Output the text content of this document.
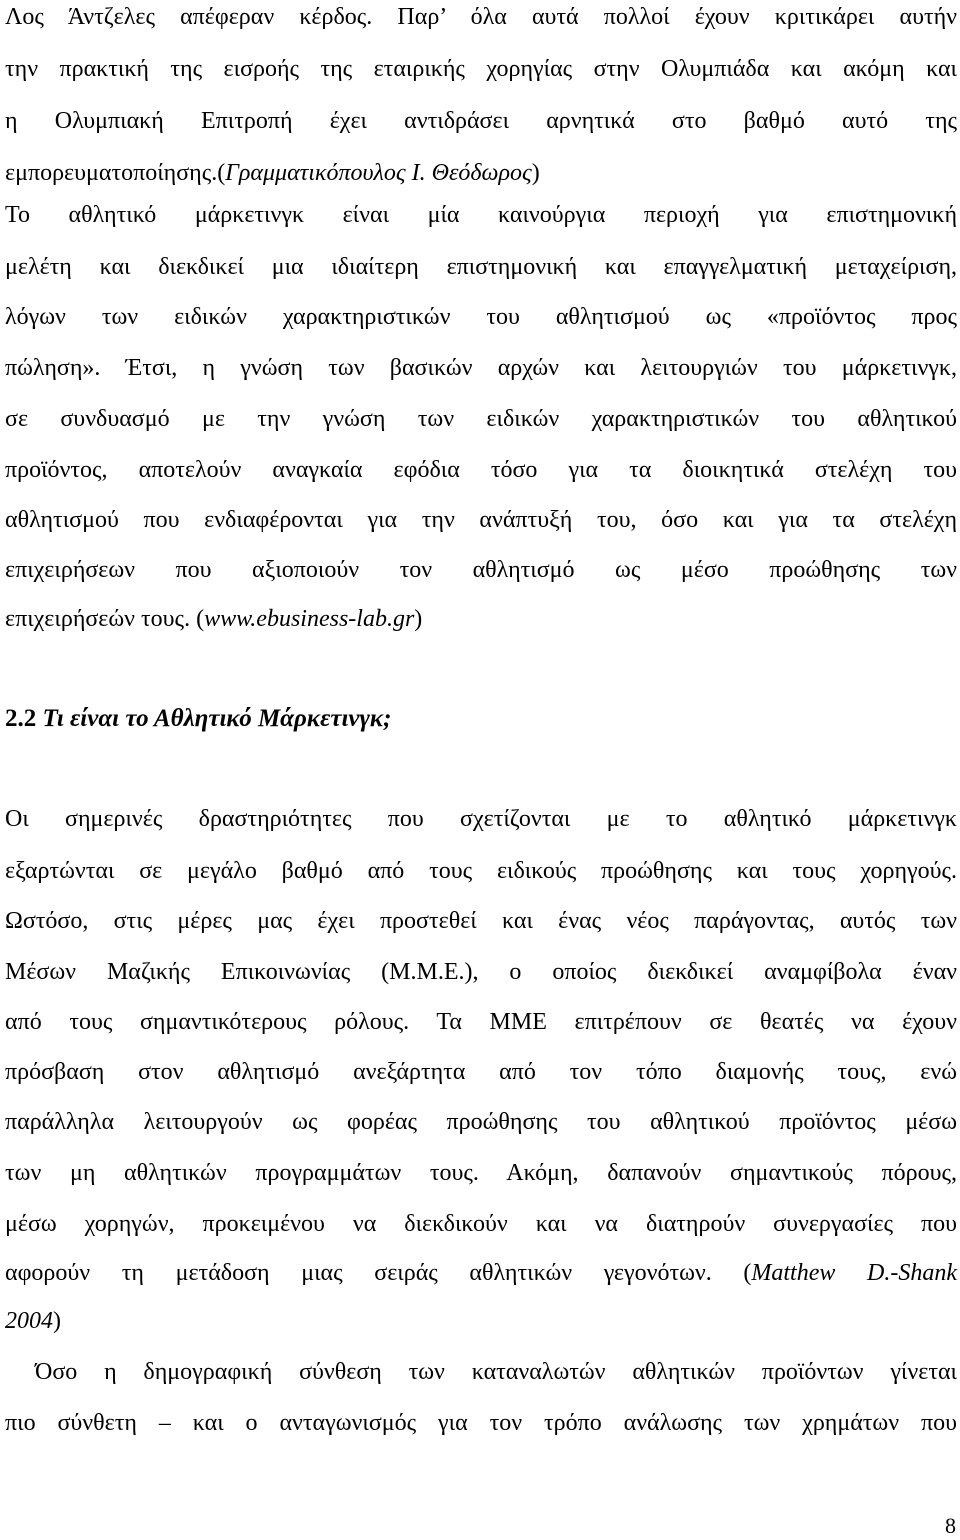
Λος Άντζελες απέφεραν κέρδος. Παρ’ όλα αυτά πολλοί έχουν κριτικάρει αυτήν
την πρακτική της εισροής της εταιρικής χορηγίας στην Ολυμπιάδα και ακόμη και
η Ολυμπιακή Επιτροπή έχει αντιδράσει αρνητικά στο βαθμό αυτό της
εμπορευματοποίησης.(Γραμματικόπουλος Ι. Θεόδωρος)
Το αθλητικό μάρκετινγκ είναι μία καινούργια περιοχή για επιστημονική
μελέτη και διεκδικεί μια ιδιαίτερη επιστημονική και επαγγελματική μεταχείριση,
λόγων των ειδικών χαρακτηριστικών του αθλητισμού ως «προϊόντος προς
πώληση». Έτσι, η γνώση των βασικών αρχών και λειτουργιών του μάρκετινγκ,
σε συνδυασμό με την γνώση των ειδικών χαρακτηριστικών του αθλητικού
προϊόντος, αποτελούν αναγκαία εφόδια τόσο για τα διοικητικά στελέχη του
αθλητισμού που ενδιαφέρονται για την ανάπτυξή του, όσο και για τα στελέχη
επιχειρήσεων που αξιοποιούν τον αθλητισμό ως μέσο προώθησης των
επιχειρήσεών τους. (www.ebusiness-lab.gr)
2.2 Τι είναι το Αθλητικό Μάρκετινγκ;
Οι σημερινές δραστηριότητες που σχετίζονται με το αθλητικό μάρκετινγκ
εξαρτώνται σε μεγάλο βαθμό από τους ειδικούς προώθησης και τους χορηγούς.
Ωστόσο, στις μέρες μας έχει προστεθεί και ένας νέος παράγοντας, αυτός των
Μέσων Μαζικής Επικοινωνίας (Μ.Μ.Ε.), ο οποίος διεκδικεί αναμφίβολα έναν
από τους σημαντικότερους ρόλους. Τα ΜΜΕ επιτρέπουν σε θεατές να έχουν
πρόσβαση στον αθλητισμό ανεξάρτητα από τον τόπο διαμονής τους, ενώ
παράλληλα λειτουργούν ως φορέας προώθησης του αθλητικού προϊόντος μέσω
των μη αθλητικών προγραμμάτων τους. Ακόμη, δαπανούν σημαντικούς πόρους,
μέσω χορηγών, προκειμένου να διεκδικούν και να διατηρούν συνεργασίες που
αφορούν τη μετάδοση μιας σειράς αθλητικών γεγονότων. (Matthew D.-Shank
2004)
Όσο η δημογραφική σύνθεση των καταναλωτών αθλητικών προϊόντων γίνεται
πιο σύνθετη – και ο ανταγωνισμός για τον τρόπο ανάλωσης των χρημάτων που
8
